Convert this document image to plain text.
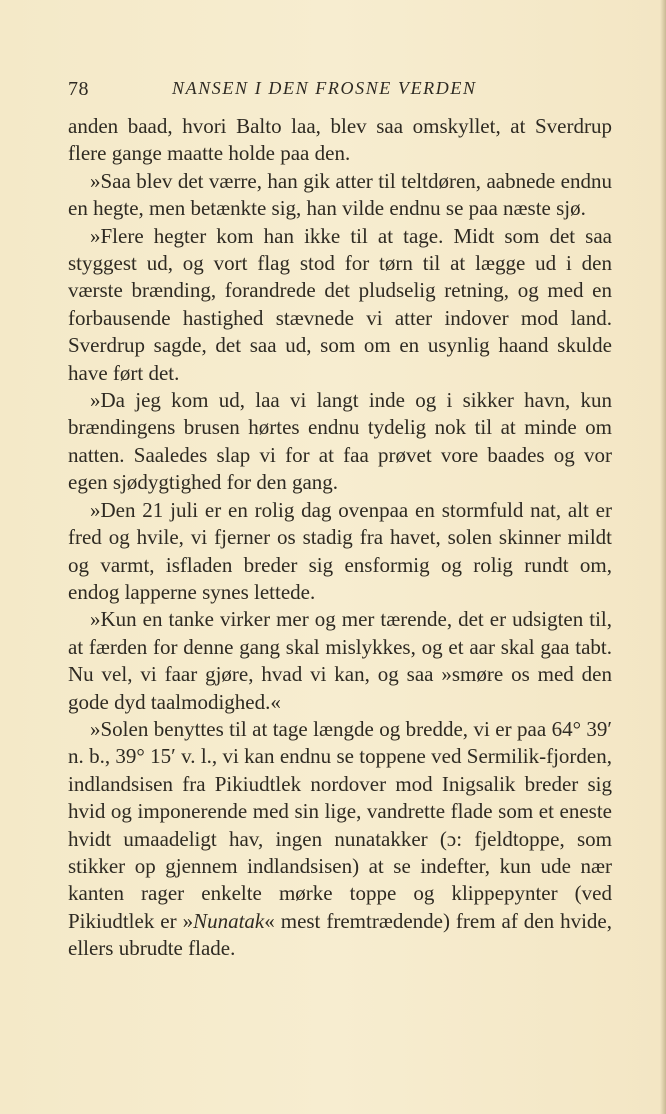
78	NANSEN I DEN FROSNE VERDEN

anden baad, hvori Balto laa, blev saa omskyllet, at Sverdrup flere gange maatte holde paa den.

»Saa blev det værre, han gik atter til teltdøren, aabnede endnu en hegte, men betænkte sig, han vilde endnu se paa næste sjø.

»Flere hegter kom han ikke til at tage. Midt som det saa styggest ud, og vort flag stod for tørn til at lægge ud i den værste brænding, forandrede det pludselig retning, og med en forbausende hastighed stævnede vi atter indover mod land. Sverdrup sagde, det saa ud, som om en usynlig haand skulde have ført det.

»Da jeg kom ud, laa vi langt inde og i sikker havn, kun brændingens brusen hørtes endnu tydelig nok til at minde om natten. Saaledes slap vi for at faa prøvet vore baades og vor egen sjødygtighed for den gang.

»Den 21 juli er en rolig dag ovenpaa en stormfuld nat, alt er fred og hvile, vi fjerner os stadig fra havet, solen skinner mildt og varmt, isfladen breder sig ensformig og rolig rundt om, endog lapperne synes lettede.

»Kun en tanke virker mer og mer tærende, det er udsigten til, at færden for denne gang skal mislykkes, og et aar skal gaa tabt. Nu vel, vi faar gjøre, hvad vi kan, og saa »smøre os med den gode dyd taalmodighed.«

»Solen benyttes til at tage længde og bredde, vi er paa 64° 39′ n. b., 39° 15′ v. l., vi kan endnu se toppene ved Sermilik-fjorden, indlandsisen fra Pikiudtlek nordover mod Inigsalik breder sig hvid og imponerende med sin lige, vandrette flade som et eneste hvidt umaadeligt hav, ingen nunatakker (ɔ: fjeldtoppe, som stikker op gjennem indlandsisen) at se indefter, kun ude nær kanten rager enkelte mørke toppe og klippepynter (ved Pikiudtlek er »Nunatak« mest fremtrædende) frem af den hvide, ellers ubrudte flade.
